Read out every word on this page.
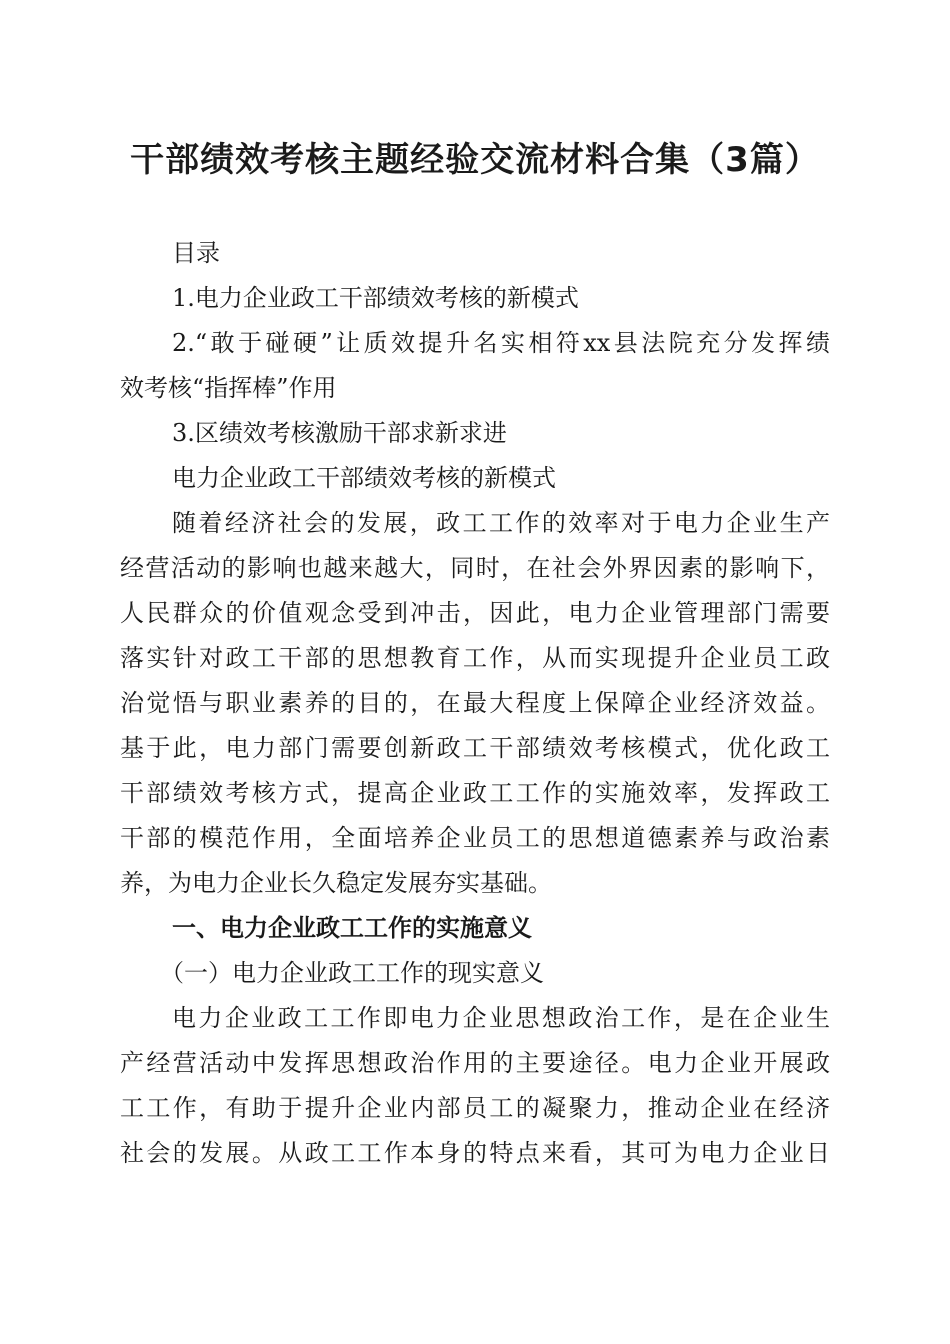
干部绩效考核主题经验交流材料合集（3篇）
目录
1.电力企业政工干部绩效考核的新模式
2.“敢于碰硬”让质效提升名实相符xx县法院充分发挥绩
效考核“指挥棒”作用
3.区绩效考核激励干部求新求进
电力企业政工干部绩效考核的新模式
随着经济社会的发展，政工工作的效率对于电力企业生产
经营活动的影响也越来越大，同时，在社会外界因素的影响下，
人民群众的价值观念受到冲击，因此，电力企业管理部门需要
落实针对政工干部的思想教育工作，从而实现提升企业员工政
治觉悟与职业素养的目的，在最大程度上保障企业经济效益。
基于此，电力部门需要创新政工干部绩效考核模式，优化政工
干部绩效考核方式，提高企业政工工作的实施效率，发挥政工
干部的模范作用，全面培养企业员工的思想道德素养与政治素
养，为电力企业长久稳定发展夯实基础。
一、电力企业政工工作的实施意义
（一）电力企业政工工作的现实意义
电力企业政工工作即电力企业思想政治工作，是在企业生
产经营活动中发挥思想政治作用的主要途径。电力企业开展政
工工作，有助于提升企业内部员工的凝聚力，推动企业在经济
社会的发展。从政工工作本身的特点来看，其可为电力企业日
